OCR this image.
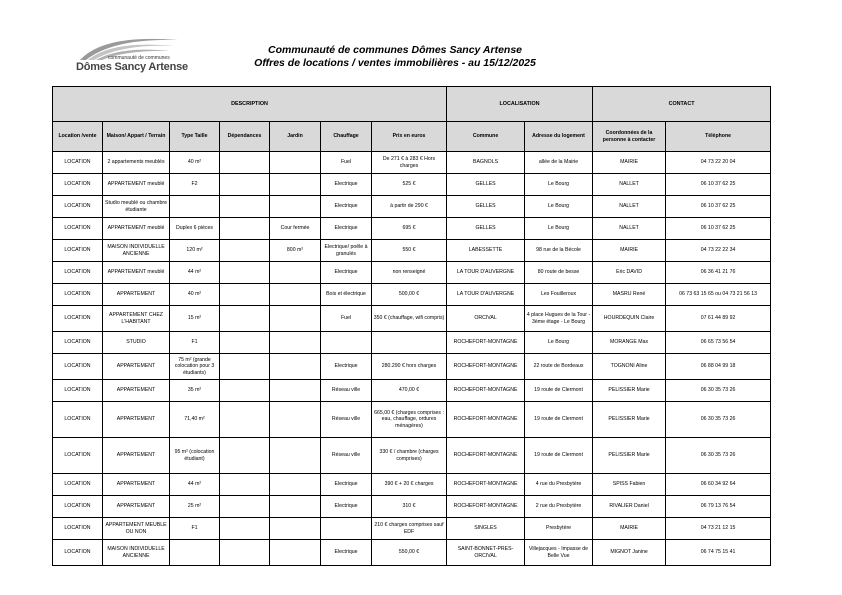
communauté de communes
Dômes Sancy Artense
Communauté de communes Dômes Sancy Artense
Offres de locations / ventes immobilières - au 15/12/2025
DESCRIPTION							LOCALISATION		CONTACT	
Location /vente	Maison/ Appart / Terrain	Type Taille	Dépendances	Jardin	Chauffage	Prix en euros	Commune	Adresse du logement	Coordonnées de la personne à contacter	Téléphone
LOCATION	2 appartements meublés	40 m²			Fuel	De 271 € à 283 € Hors charges	BAGNOLS	allée de la Mairie	MAIRIE	04 73 22 20 04
LOCATION	APPARTEMENT meublé	F2			Electrique	525 €	GELLES	Le Bourg	NALLET	06 10 37 62 25
LOCATION	Studio meublé ou chambre étudiante				Electrique	à partir de 290 €	GELLES	Le Bourg	NALLET	06 10 37 62 25
LOCATION	APPARTEMENT meublé	Duplex 6 pièces		Cour fermée	Electrique	695 €	GELLES	Le Bourg	NALLET	06 10 37 62 25
LOCATION	MAISON INDIVIDUELLE ANCIENNE	120 m²		800 m²	Electrique/ poêle à granulés	550 €	LABESSETTE	98 rue de la Bécole	MAIRIE	04 73 22 22 34
LOCATION	APPARTEMENT meublé	44 m²			Electrique	non renseigné	LA TOUR D'AUVERGNE	80 route de besse	Eric DAVID	06 36 41 21 76
LOCATION	APPARTEMENT	40 m²			Bois et électrique	500,00 €	LA TOUR D'AUVERGNE	Les Fouilleroux	MASRU René	06 73 63 15 65 ou 04 73 21 56 13
LOCATION	APPARTEMENT CHEZ L'HABITANT	15 m²			Fuel	350 € (chauffage, wifi compris)	ORCIVAL	4 place Hugues de la Tour - 3ème étage - Le Bourg	HOURDEQUIN Claire	07 61 44 89 92
LOCATION	STUDIO	F1					ROCHEFORT-MONTAGNE	Le Bourg	MORANGE Max	06 65 73 56 54
LOCATION	APPARTEMENT	75 m² (grande colocation pour 3 étudiants)			Electrique	280.290 € hors charges	ROCHEFORT-MONTAGNE	22 route de Bordeaux	TOGNONI Aline	06 88 04 99 18
LOCATION	APPARTEMENT	35 m²			Réseau ville	470,00 €	ROCHEFORT-MONTAGNE	19 route de Clermont	PELISSIER Marie	06 30 35 73 26
LOCATION	APPARTEMENT	71,40 m²			Réseau ville	665,00 € (charges comprises : eau, chauffage, ordures ménagères)	ROCHEFORT-MONTAGNE	19 route de Clermont	PELISSIER Marie	06 30 35 73 26
LOCATION	APPARTEMENT	95 m² (colocation étudiant)			Réseau ville	330 € / chambre (charges comprises)	ROCHEFORT-MONTAGNE	19 route de Clermont	PELISSIER Marie	06 30 35 73 26
LOCATION	APPARTEMENT	44 m²			Electrique	390 € + 20 € charges	ROCHEFORT-MONTAGNE	4 rue du Presbytère	SPISS Fabien	06 60 34 92 64
LOCATION	APPARTEMENT	25 m²			Electrique	310 €	ROCHEFORT-MONTAGNE	2 rue du Presbytère	RIVALIER Daniel	06 79 13 76 54
LOCATION	APPARTEMENT MEUBLE OU NON	F1				210 € charges comprises sauf EDF	SINGLES	Presbytère	MAIRIE	04 73 21 12 15
LOCATION	MAISON INDIVIDUELLE ANCIENNE				Electrique	550,00 €	SAINT-BONNET-PRES-ORCIVAL	Villejacques - Impasse de Belle Vue	MIGNOT Janine	06 74 75 15 41
